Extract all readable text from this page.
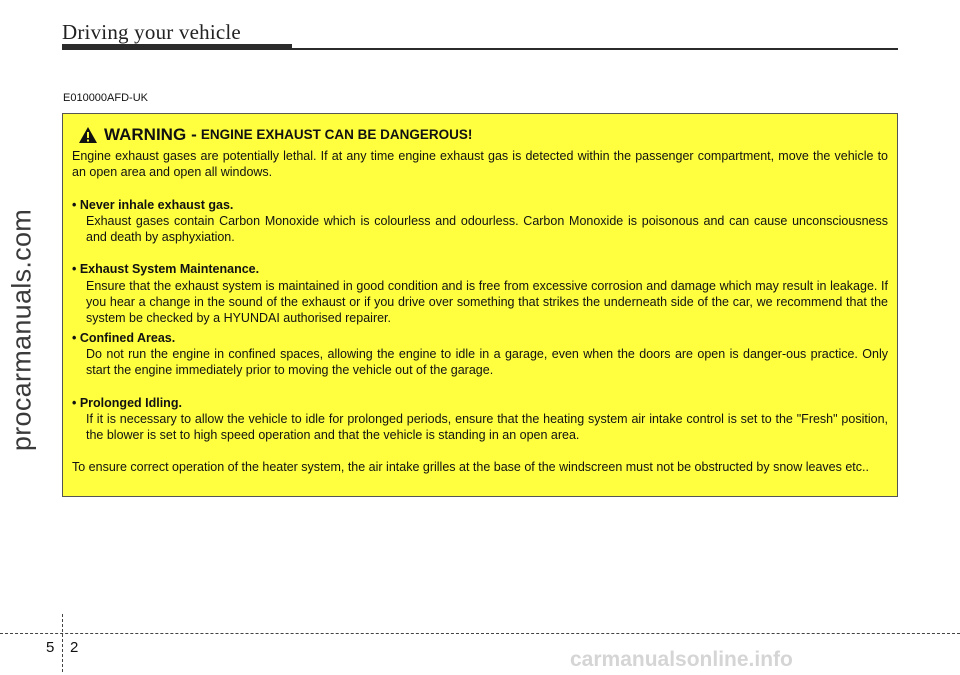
Driving your vehicle
E010000AFD-UK
procarmanuals.com
WARNING - ENGINE EXHAUST CAN BE DANGEROUS!

Engine exhaust gases are potentially lethal. If at any time engine exhaust gas is detected within the passenger compartment, move the vehicle to an open area and open all windows.

• Never inhale exhaust gas.

Exhaust gases contain Carbon Monoxide which is colourless and odourless. Carbon Monoxide is poisonous and can cause unconsciousness and death by asphyxiation.

• Exhaust System Maintenance.

Ensure that the exhaust system is maintained in good condition and is free from excessive corrosion and damage which may result in leakage. If you hear a change in the sound of the exhaust or if you drive over something that strikes the underneath side of the car, we recommend that the system be checked by a HYUNDAI authorised repairer.

• Confined Areas.

Do not run the engine in confined spaces, allowing the engine to idle in a garage, even when the doors are open is danger-ous practice. Only start the engine immediately prior to moving the vehicle out of the garage.

• Prolonged Idling.

If it is necessary to allow the vehicle to idle for prolonged periods, ensure that the heating system air intake control is set to the "Fresh" position, the blower is set to high speed operation and that the vehicle is standing in an open area.

To ensure correct operation of the heater system, the air intake grilles at the base of the windscreen must not be obstructed by snow leaves etc..

5 2
carmanualsonline.info
